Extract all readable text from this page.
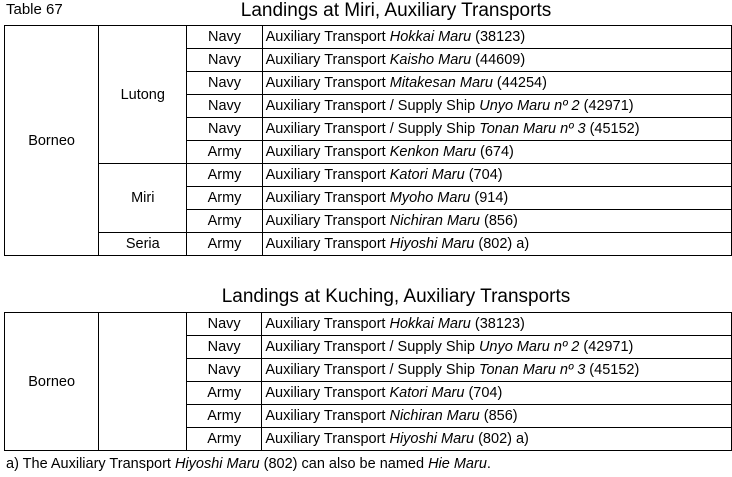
Table 67	Landings at Miri, Auxiliary Transports
Borneo	Lutong	Navy	Auxiliary Transport Hokkai Maru (38123)
		Navy	Auxiliary Transport Kaisho Maru (44609)
		Navy	Auxiliary Transport Mitakesan Maru (44254)
		Navy	Auxiliary Transport / Supply Ship Unyo Maru nº 2 (42971)
		Navy	Auxiliary Transport / Supply Ship Tonan Maru nº 3 (45152)
		Army	Auxiliary Transport Kenkon Maru (674)
	Miri	Army	Auxiliary Transport Katori Maru (704)
		Army	Auxiliary Transport Myoho Maru (914)
		Army	Auxiliary Transport Nichiran Maru (856)
	Seria	Army	Auxiliary Transport Hiyoshi Maru (802) a)
Landings at Kuching, Auxiliary Transports
Borneo		Navy	Auxiliary Transport Hokkai Maru (38123)
		Navy	Auxiliary Transport / Supply Ship Unyo Maru nº 2 (42971)
		Navy	Auxiliary Transport / Supply Ship Tonan Maru nº 3 (45152)
		Army	Auxiliary Transport Katori Maru (704)
		Army	Auxiliary Transport Nichiran Maru (856)
		Army	Auxiliary Transport Hiyoshi Maru (802) a)
a) The Auxiliary Transport Hiyoshi Maru (802) can also be named Hie Maru.
